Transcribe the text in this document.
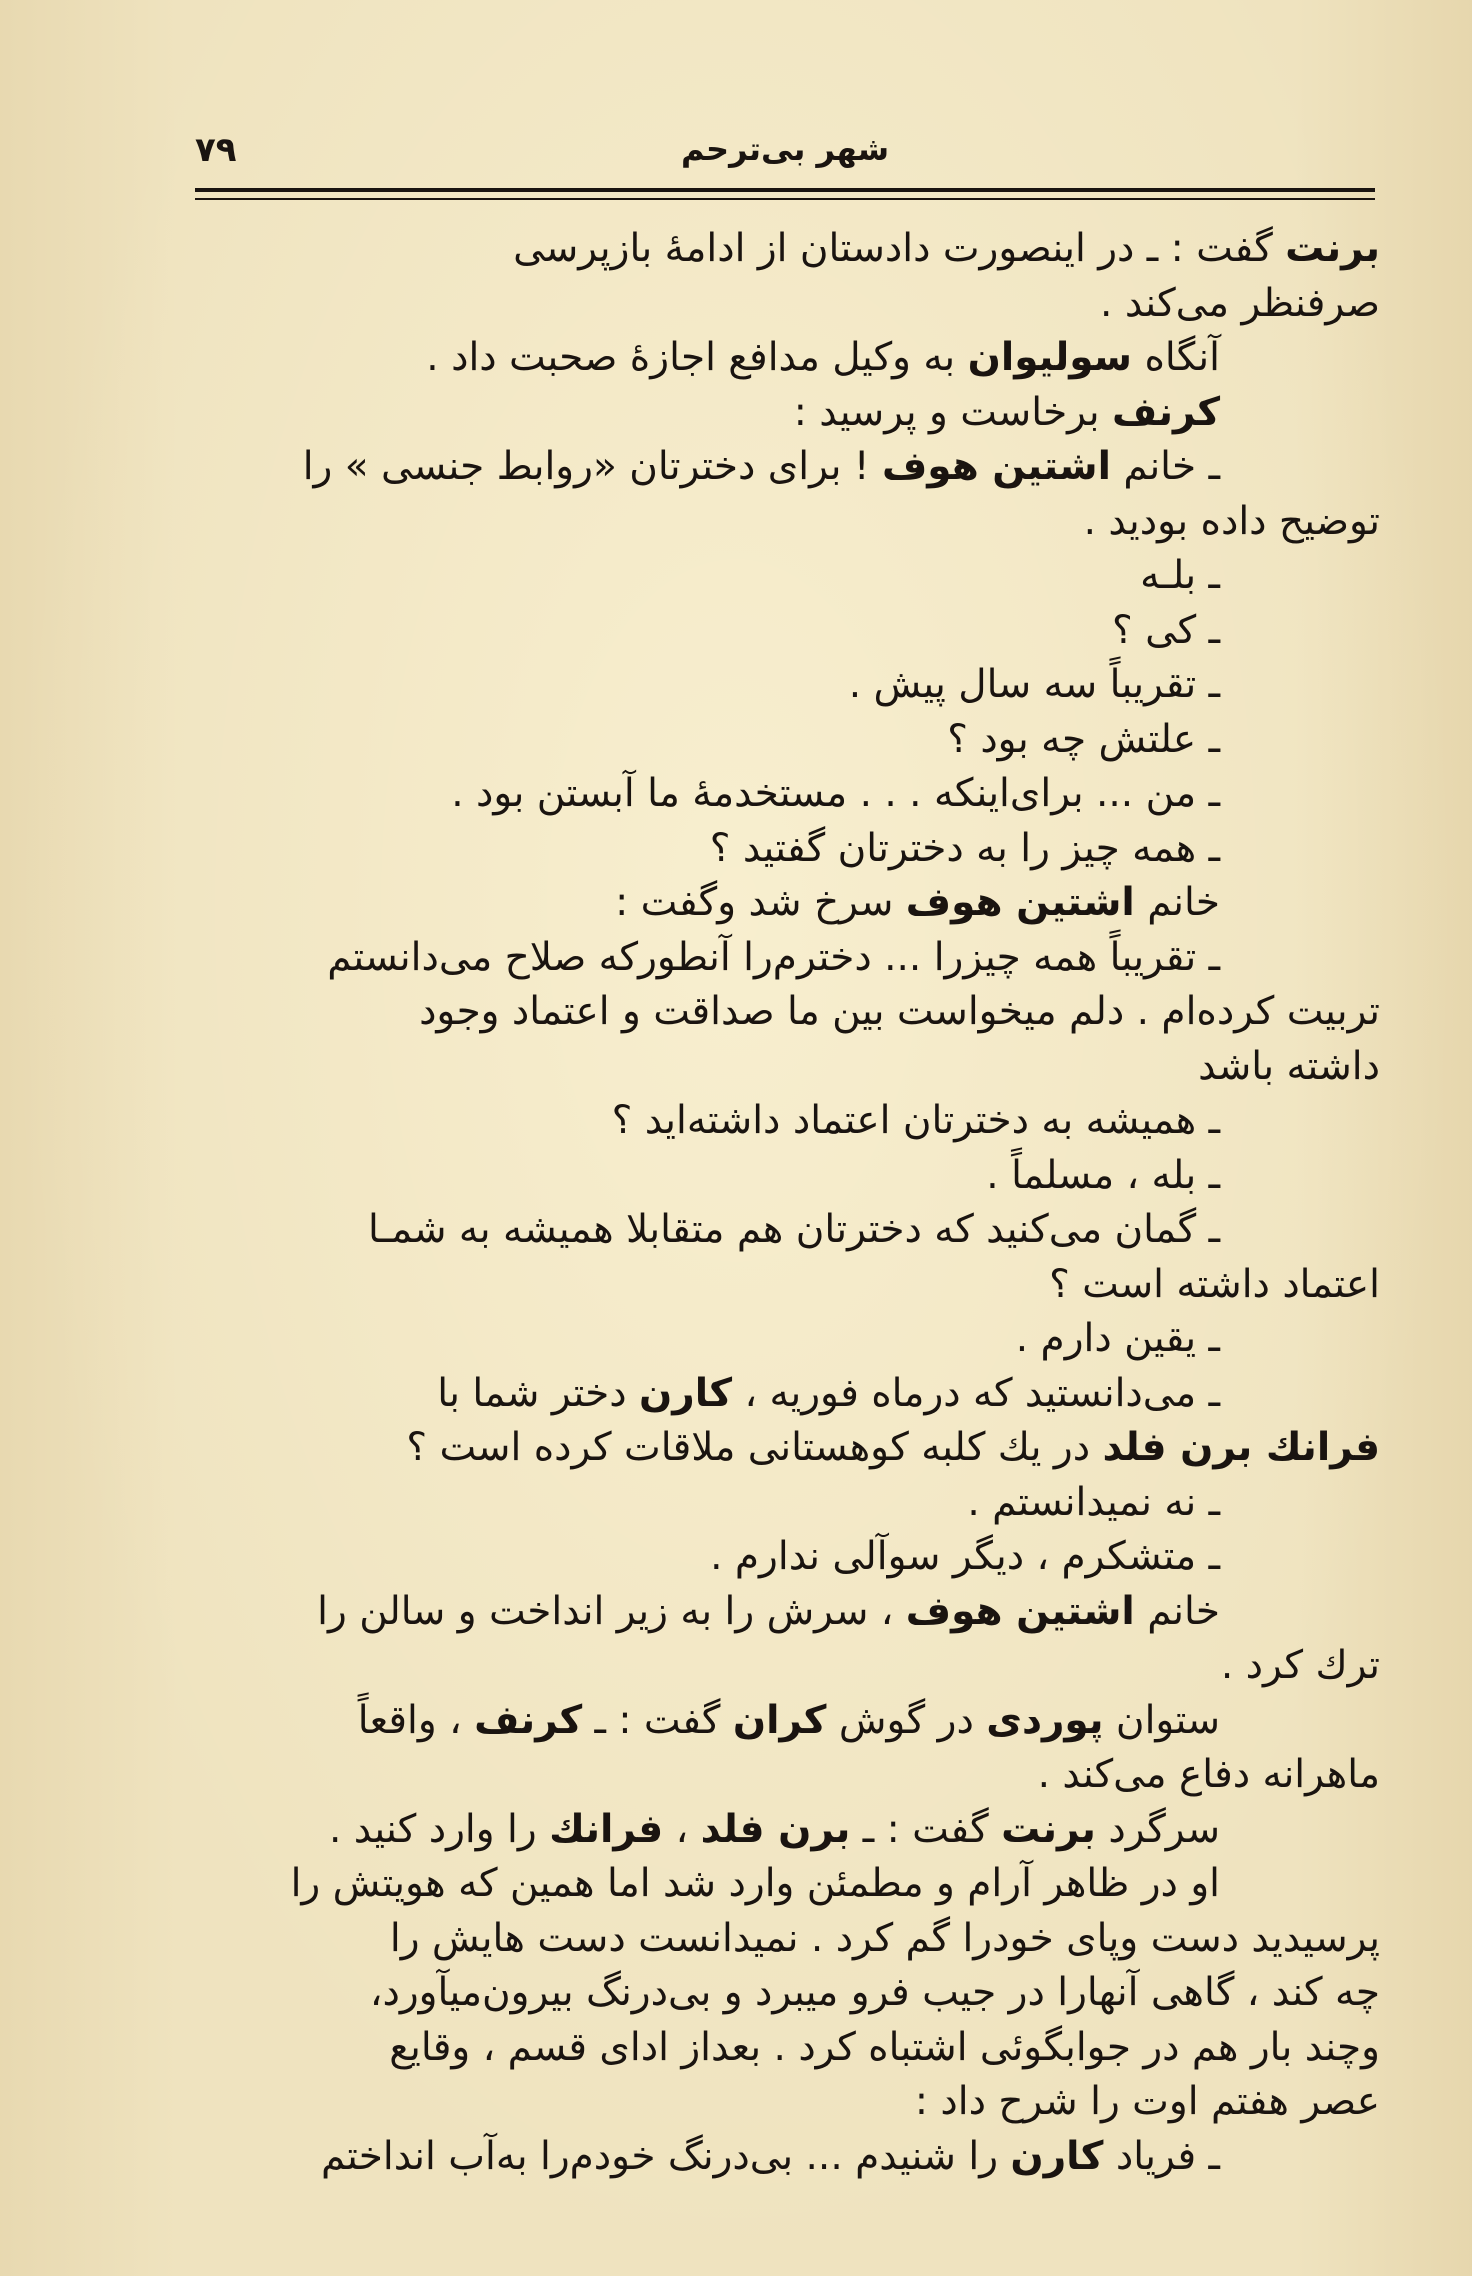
۷۹	شهر بی‌ترحم
برنت گفت : ـ در اینصورت دادستان از ادامهٔ بازپرسی
صرفنظر می‌کند .
آنگاه سولیوان به وکیل مدافع اجازهٔ صحبت داد .
کرنف برخاست و پرسید :
ـ خانم اشتین هوف ! برای دخترتان «روابط جنسی » را
توضیح داده بودید .
ـ بلـه
ـ کی ؟
ـ تقریباً سه سال پیش .
ـ علتش چه بود ؟
ـ من ... برای‌اینکه . . . مستخدمهٔ ما آبستن بود .
ـ همه چیز را به دخترتان گفتید ؟
خانم اشتین هوف سرخ شد وگفت :
ـ تقریباً همه چیزرا ... دخترم‌را آنطورکه صلاح می‌دانستم
تربیت کرده‌ام . دلم میخواست بین ما صداقت و اعتماد وجود
داشته باشد
ـ همیشه به دخترتان اعتماد داشته‌اید ؟
ـ بله ، مسلماً .
ـ گمان می‌کنید که دخترتان هم متقابلا همیشه به شمـا
اعتماد داشته است ؟
ـ یقین دارم .
ـ می‌دانستید که درماه فوریه ، کارن دختر شما با
فرانك برن فلد در یك کلبه کوهستانی ملاقات کرده است ؟
ـ نه نمیدانستم .
ـ متشکرم ، دیگر سوآلی ندارم .
خانم اشتین هوف ، سرش را به زیر انداخت و سالن را
ترك کرد .
ستوان پوردی در گوش کران گفت : ـ کرنف ، واقعاً
ماهرانه دفاع می‌کند .
سرگرد برنت گفت : ـ برن فلد ، فرانك را وارد کنید .
او در ظاهر آرام و مطمئن وارد شد اما همین که هویتش را
پرسیدید دست وپای خودرا گم کرد . نمیدانست دست هایش را
چه کند ، گاهی آنهارا در جیب فرو میبرد و بی‌درنگ بیرون‌میآورد،
وچند بار هم در جوابگوئی اشتباه کرد . بعداز ادای قسم ، وقایع
عصر هفتم اوت را شرح داد :
ـ فریاد کارن را شنیدم ... بی‌درنگ خودم‌را به‌آب انداختم
